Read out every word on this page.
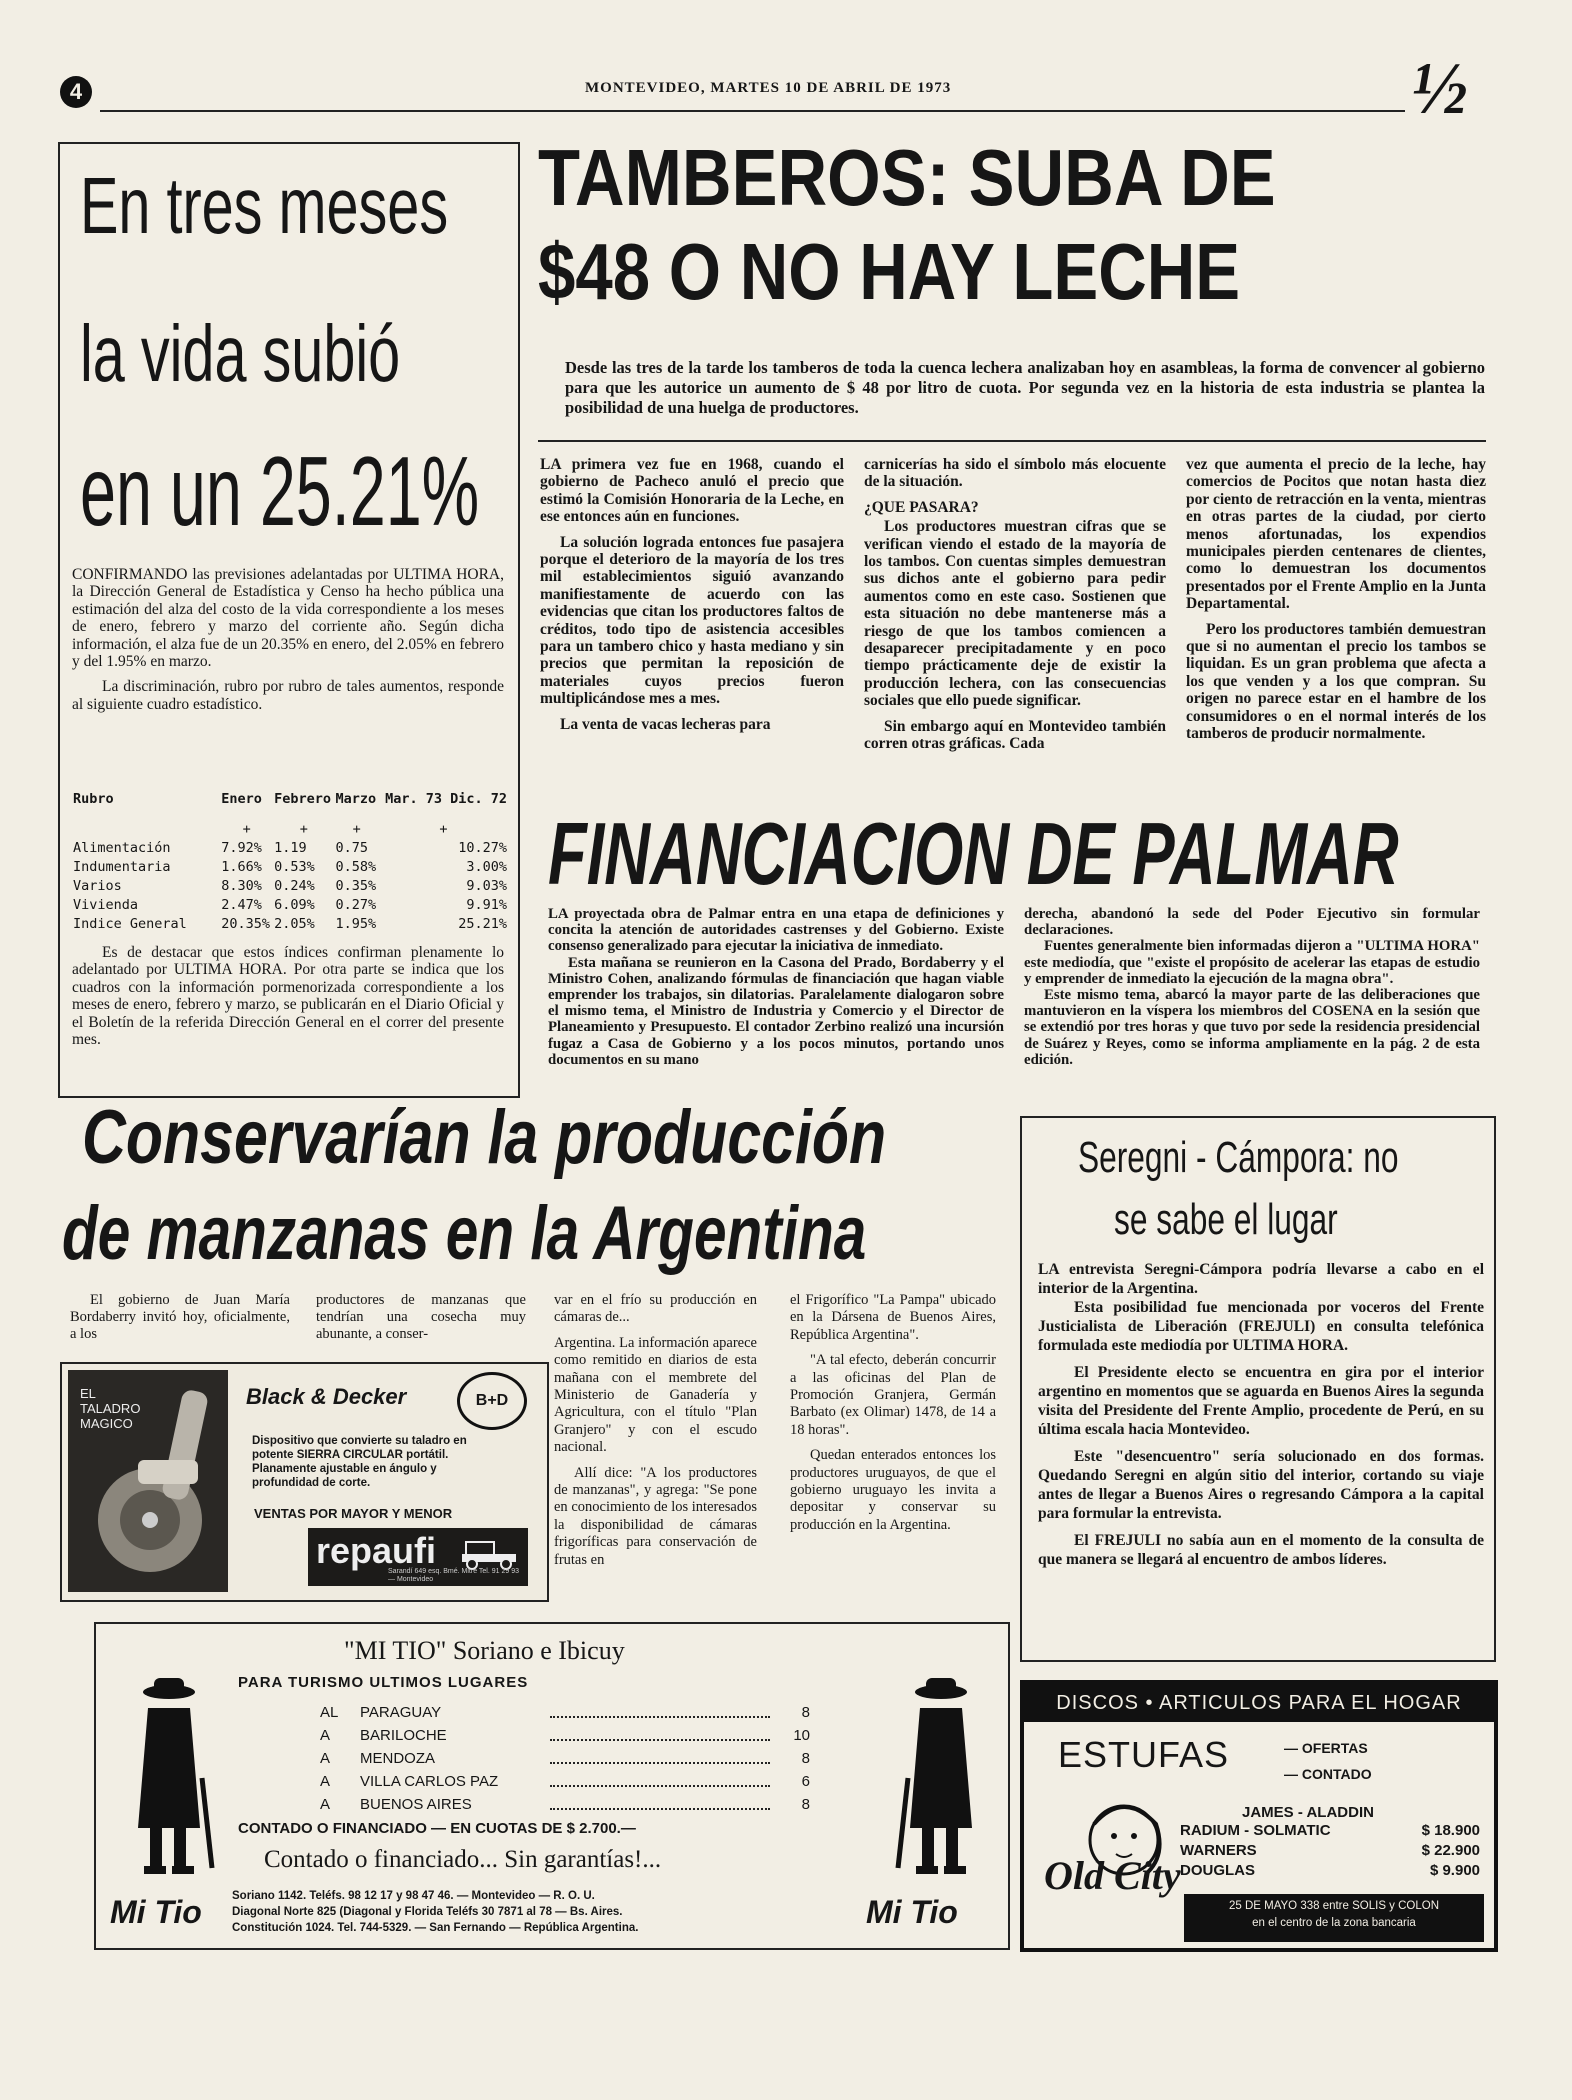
4	MONTEVIDEO, MARTES 10 DE ABRIL DE 1973	½
En tres meses
la vida subió
en un 25.21%

CONFIRMANDO las previsiones adelantadas por ULTIMA HORA, la Dirección General de Estadística y Censo ha hecho pública una estimación del alza del costo de la vida correspondiente a los meses de enero, febrero y marzo del corriente año. Según dicha información, el alza fue de un 20.35% en enero, del 2.05% en febrero y del 1.95% en marzo.

La discriminación, rubro por rubro de tales aumentos, responde al siguiente cuadro estadístico.

Rubro	Enero	Febrero	Marzo	Mar. 73 Dic. 72
	+	+	+	+
Alimentación	7.92%	1.19	0.75	10.27%
Indumentaria	1.66%	0.53%	0.58%	3.00%
Varios	8.30%	0.24%	0.35%	9.03%
Vivienda	2.47%	6.09%	0.27%	9.91%
Indice General	20.35%	2.05%	1.95%	25.21%
Es de destacar que estos índices confirman plenamente lo adelantado por ULTIMA HORA. Por otra parte se indica que los cuadros con la información pormenorizada correspondiente a los meses de enero, febrero y marzo, se publicarán en el Diario Oficial y el Boletín de la referida Dirección General en el correr del presente mes.
TAMBEROS: SUBA DE
$48 O NO HAY LECHE
Desde las tres de la tarde los tamberos de toda la cuenca lechera analizaban hoy en asambleas, la forma de convencer al gobierno para que les autorice un aumento de $ 48 por litro de cuota. Por segunda vez en la historia de esta industria se plantea la posibilidad de una huelga de productores.

LA primera vez fue en 1968, cuando el gobierno de Pacheco anuló el precio que estimó la Comisión Honoraria de la Leche, en ese entonces aún en funciones.

La solución lograda entonces fue pasajera porque el deterioro de la mayoría de los tres mil establecimientos siguió avanzando manifiestamente de acuerdo con las evidencias que citan los productores faltos de créditos, todo tipo de asistencia accesibles para un tambero chico y hasta mediano y sin precios que permitan la reposición de materiales cuyos precios fueron multiplicándose mes a mes.

La venta de vacas lecheras para

carnicerías ha sido el símbolo más elocuente de la situación.

¿QUE PASARA?

Los productores muestran cifras que se verifican viendo el estado de la mayoría de los tambos. Con cuentas simples demuestran sus dichos ante el gobierno para pedir aumentos como en este caso. Sostienen que esta situación no debe mantenerse más a riesgo de que los tambos comiencen a desaparecer precipitadamente y en poco tiempo prácticamente deje de existir la producción lechera, con las consecuencias sociales que ello puede significar.

Sin embargo aquí en Montevideo también corren otras gráficas. Cada

vez que aumenta el precio de la leche, hay comercios de Pocitos que notan hasta diez por ciento de retracción en la venta, mientras en otras partes de la ciudad, por cierto menos afortunadas, los expendios municipales pierden centenares de clientes, como lo demuestran los documentos presentados por el Frente Amplio en la Junta Departamental.

Pero los productores también demuestran que si no aumentan el precio los tambos se liquidan. Es un gran problema que afecta a los que venden y a los que compran. Su origen no parece estar en el hambre de los consumidores o en el normal interés de los tamberos de producir normalmente.

FINANCIACION DE PALMAR

LA proyectada obra de Palmar entra en una etapa de definiciones y concita la atención de autoridades castrenses y del Gobierno. Existe consenso generalizado para ejecutar la iniciativa de inmediato.

Esta mañana se reunieron en la Casona del Prado, Bordaberry y el Ministro Cohen, analizando fórmulas de financiación que hagan viable emprender los trabajos, sin dilatorias. Paralelamente dialogaron sobre el mismo tema, el Ministro de Industria y Comercio y el Director de Planeamiento y Presupuesto. El contador Zerbino realizó una incursión fugaz a Casa de Gobierno y a los pocos minutos, portando unos documentos en su mano

derecha, abandonó la sede del Poder Ejecutivo sin formular declaraciones.

Fuentes generalmente bien informadas dijeron a "ULTIMA HORA" este mediodía, que "existe el propósito de acelerar las etapas de estudio y emprender de inmediato la ejecución de la magna obra".

Este mismo tema, abarcó la mayor parte de las deliberaciones que mantuvieron en la víspera los miembros del COSENA en la sesión que se extendió por tres horas y que tuvo por sede la residencia presidencial de Suárez y Reyes, como se informa ampliamente en la pág. 2 de esta edición.

Conservarían la producción
de manzanas en la Argentina
El gobierno de Juan María Bordaberry invitó hoy, oficialmente, a los
productores de manzanas que tendrían una cosecha muy abunante, a conser-

var en el frío su producción en cámaras de...

Argentina. La información aparece como remitido en diarios de esta mañana con el membrete del Ministerio de Ganadería y Agricultura, con el título "Plan Granjero" y con el escudo nacional.

Allí dice: "A los productores de manzanas", y agrega: "Se pone en conocimiento de los interesados la disponibilidad de cámaras frigoríficas para conservación de frutas en

el Frigorífico "La Pampa" ubicado en la Dársena de Buenos Aires, República Argentina".

"A tal efecto, deberán concurrir a las oficinas del Plan de Promoción Granjera, Germán Barbato (ex Olimar) 1478, de 14 a 18 horas".

Quedan enterados entonces los productores uruguayos, de que el gobierno uruguayo les invita a depositar y conservar su producción en la Argentina.

EL
TALADRO
MAGICO
Black & Decker	B+D
Dispositivo que convierte su taladro en potente SIERRA CIRCULAR portátil. Planamente ajustable en ángulo y profundidad de corte.
VENTAS POR MAYOR Y MENOR
repaufi
Sarandí 649 esq. Bmé. Mitre Tel. 91 29 93 — Montevideo
Seregni - Cámpora: no
se sabe el lugar

LA entrevista Seregni-Cámpora podría llevarse a cabo en el interior de la Argentina.

Esta posibilidad fue mencionada por voceros del Frente Justicialista de Liberación (FREJULI) en consulta telefónica formulada este mediodía por ULTIMA HORA.

El Presidente electo se encuentra en gira por el interior argentino en momentos que se aguarda en Buenos Aires la segunda visita del Presidente del Frente Amplio, procedente de Perú, en su última escala hacia Montevideo.

Este "desencuentro" sería solucionado en dos formas. Quedando Seregni en algún sitio del interior, cortando su viaje antes de llegar a Buenos Aires o regresando Cámpora a la capital para formular la entrevista.

El FREJULI no sabía aun en el momento de la consulta de que manera se llegará al encuentro de ambos líderes.

Mi Tio	Mi Tio
"MI TIO" Soriano e Ibicuy
PARA TURISMO ULTIMOS LUGARES
AL PARAGUAY	8
A BARILOCHE	10
A MENDOZA	8
A VILLA CARLOS PAZ	6
A BUENOS AIRES	8
CONTADO O FINANCIADO — EN CUOTAS DE $ 2.700.—
Contado o financiado... Sin garantías!...
Soriano 1142. Teléfs. 98 12 17 y 98 47 46. — Montevideo — R. O. U.
Diagonal Norte 825 (Diagonal y Florida Teléfs 30 7871 al 78 — Bs. Aires.
Constitución 1024. Tel. 744-5329. — San Fernando — República Argentina.
DISCOS • ARTICULOS PARA EL HOGAR
ESTUFAS	— OFERTAS
— CONTADO
Old City
JAMES - ALADDIN
RADIUM - SOLMATIC	$ 18.900
WARNERS	$ 22.900
DOUGLAS	$ 9.900
25 DE MAYO 338 entre SOLIS y COLON
en el centro de la zona bancaria
